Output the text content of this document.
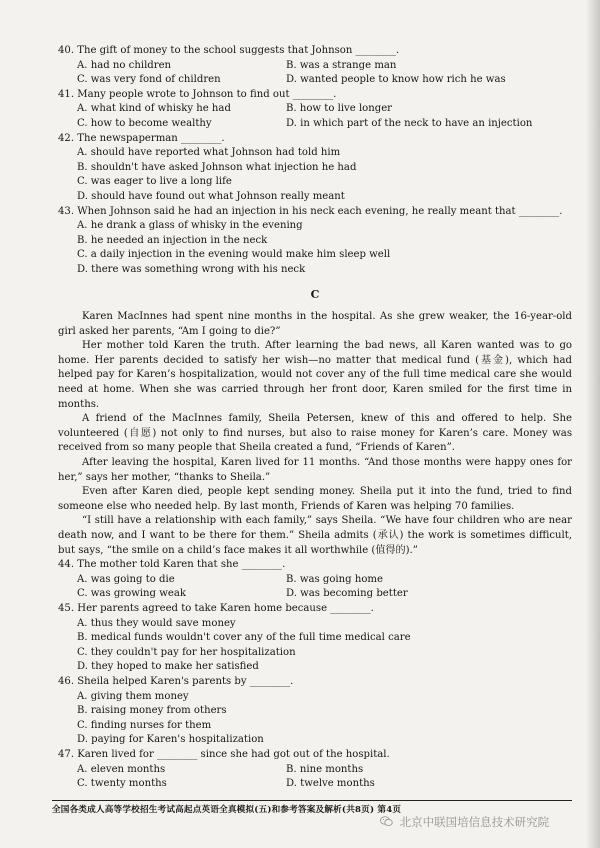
40. The gift of money to the school suggests that Johnson ________.
A. had no children	B. was a strange man
C. was very fond of children	D. wanted people to know how rich he was
41. Many people wrote to Johnson to find out ________.
A. what kind of whisky he had	B. how to live longer
C. how to become wealthy	D. in which part of the neck to have an injection
42. The newspaperman ________.
A. should have reported what Johnson had told him
B. shouldn't have asked Johnson what injection he had
C. was eager to live a long life
D. should have found out what Johnson really meant
43. When Johnson said he had an injection in his neck each evening, he really meant that ________.
A. he drank a glass of whisky in the evening
B. he needed an injection in the neck
C. a daily injection in the evening would make him sleep well
D. there was something wrong with his neck
C

Karen MacInnes had spent nine months in the hospital. As she grew weaker, the 16-year-old girl asked her parents, “Am I going to die?”

Her mother told Karen the truth. After learning the bad news, all Karen wanted was to go home. Her parents decided to satisfy her wish—no matter that medical fund (基金), which had helped pay for Karen’s hospitalization, would not cover any of the full time medical care she would need at home. When she was carried through her front door, Karen smiled for the first time in months.

A friend of the MacInnes family, Sheila Petersen, knew of this and offered to help. She volunteered (自愿) not only to find nurses, but also to raise money for Karen’s care. Money was received from so many people that Sheila created a fund, “Friends of Karen”.

After leaving the hospital, Karen lived for 11 months. “And those months were happy ones for her,” says her mother, “thanks to Sheila.”

Even after Karen died, people kept sending money. Sheila put it into the fund, tried to find someone else who needed help. By last month, Friends of Karen was helping 70 families.

“I still have a relationship with each family,” says Sheila. “We have four children who are near death now, and I want to be there for them.” Sheila admits (承认) the work is sometimes difficult, but says, “the smile on a child’s face makes it all worthwhile (值得的).”

44. The mother told Karen that she ________.
A. was going to die	B. was going home
C. was growing weak	D. was becoming better
45. Her parents agreed to take Karen home because ________.
A. thus they would save money
B. medical funds wouldn't cover any of the full time medical care
C. they couldn't pay for her hospitalization
D. they hoped to make her satisfied
46. Sheila helped Karen's parents by ________.
A. giving them money
B. raising money from others
C. finding nurses for them
D. paying for Karen's hospitalization
47. Karen lived for ________ since she had got out of the hospital.
A. eleven months	B. nine months
C. twenty months	D. twelve months
全国各类成人高等学校招生考试高起点英语全真模拟(五)和参考答案及解析(共8页) 第4页
北京中联国培信息技术研究院
